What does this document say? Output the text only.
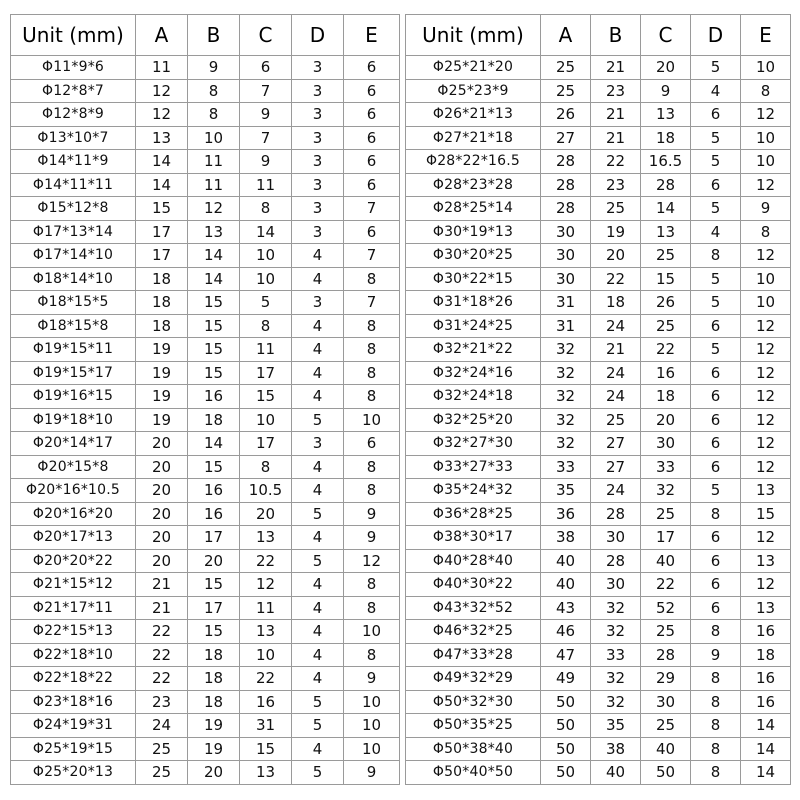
Unit (mm)	A	B	C	D	E
Φ11*9*6	11	9	6	3	6
Φ12*8*7	12	8	7	3	6
Φ12*8*9	12	8	9	3	6
Φ13*10*7	13	10	7	3	6
Φ14*11*9	14	11	9	3	6
Φ14*11*11	14	11	11	3	6
Φ15*12*8	15	12	8	3	7
Φ17*13*14	17	13	14	3	6
Φ17*14*10	17	14	10	4	7
Φ18*14*10	18	14	10	4	8
Φ18*15*5	18	15	5	3	7
Φ18*15*8	18	15	8	4	8
Φ19*15*11	19	15	11	4	8
Φ19*15*17	19	15	17	4	8
Φ19*16*15	19	16	15	4	8
Φ19*18*10	19	18	10	5	10
Φ20*14*17	20	14	17	3	6
Φ20*15*8	20	15	8	4	8
Φ20*16*10.5	20	16	10.5	4	8
Φ20*16*20	20	16	20	5	9
Φ20*17*13	20	17	13	4	9
Φ20*20*22	20	20	22	5	12
Φ21*15*12	21	15	12	4	8
Φ21*17*11	21	17	11	4	8
Φ22*15*13	22	15	13	4	10
Φ22*18*10	22	18	10	4	8
Φ22*18*22	22	18	22	4	9
Φ23*18*16	23	18	16	5	10
Φ24*19*31	24	19	31	5	10
Φ25*19*15	25	19	15	4	10
Φ25*20*13	25	20	13	5	9
Unit (mm)	A	B	C	D	E
Φ25*21*20	25	21	20	5	10
Φ25*23*9	25	23	9	4	8
Φ26*21*13	26	21	13	6	12
Φ27*21*18	27	21	18	5	10
Φ28*22*16.5	28	22	16.5	5	10
Φ28*23*28	28	23	28	6	12
Φ28*25*14	28	25	14	5	9
Φ30*19*13	30	19	13	4	8
Φ30*20*25	30	20	25	8	12
Φ30*22*15	30	22	15	5	10
Φ31*18*26	31	18	26	5	10
Φ31*24*25	31	24	25	6	12
Φ32*21*22	32	21	22	5	12
Φ32*24*16	32	24	16	6	12
Φ32*24*18	32	24	18	6	12
Φ32*25*20	32	25	20	6	12
Φ32*27*30	32	27	30	6	12
Φ33*27*33	33	27	33	6	12
Φ35*24*32	35	24	32	5	13
Φ36*28*25	36	28	25	8	15
Φ38*30*17	38	30	17	6	12
Φ40*28*40	40	28	40	6	13
Φ40*30*22	40	30	22	6	12
Φ43*32*52	43	32	52	6	13
Φ46*32*25	46	32	25	8	16
Φ47*33*28	47	33	28	9	18
Φ49*32*29	49	32	29	8	16
Φ50*32*30	50	32	30	8	16
Φ50*35*25	50	35	25	8	14
Φ50*38*40	50	38	40	8	14
Φ50*40*50	50	40	50	8	14
